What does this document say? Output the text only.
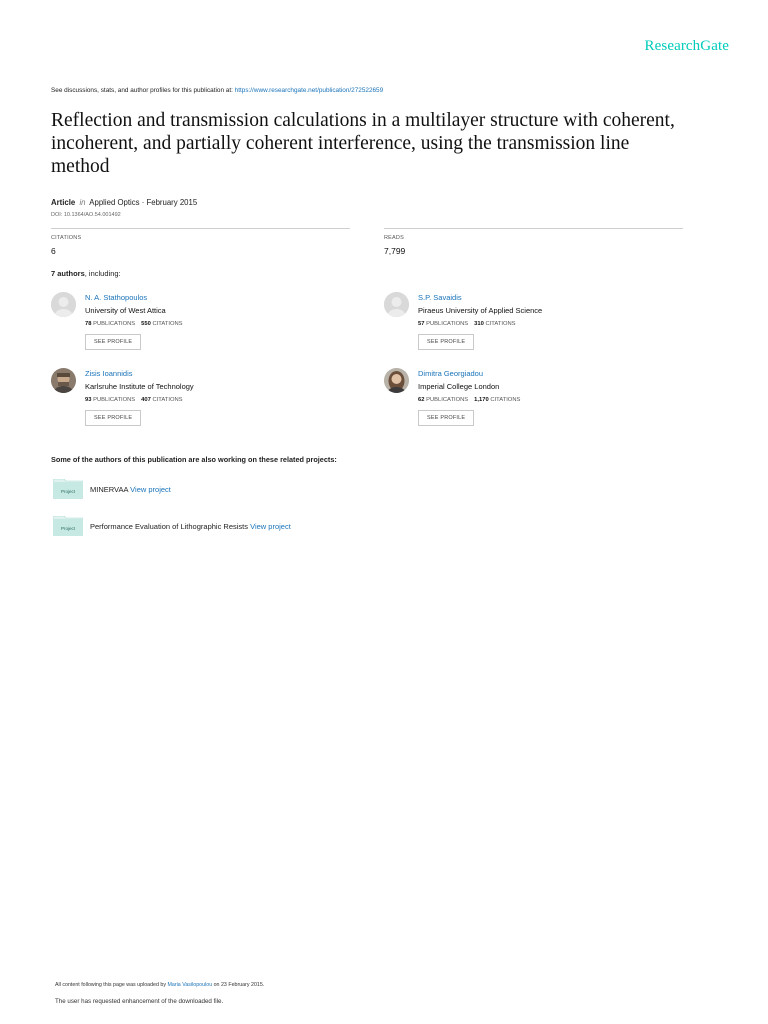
ResearchGate
See discussions, stats, and author profiles for this publication at: https://www.researchgate.net/publication/272522659
Reflection and transmission calculations in a multilayer structure with coherent, incoherent, and partially coherent interference, using the transmission line method
Article in Applied Optics · February 2015
DOI: 10.1364/AO.54.001492
CITATIONS
6
READS
7,799
7 authors, including:
N. A. Stathopoulos
University of West Attica
78 PUBLICATIONS 550 CITATIONS
SEE PROFILE
S.P. Savaidis
Piraeus University of Applied Science
57 PUBLICATIONS 310 CITATIONS
SEE PROFILE
Zisis Ioannidis
Karlsruhe Institute of Technology
93 PUBLICATIONS 407 CITATIONS
SEE PROFILE
Dimitra Georgiadou
Imperial College London
62 PUBLICATIONS 1,170 CITATIONS
SEE PROFILE
Some of the authors of this publication are also working on these related projects:
Project MINERVAA View project
Project Performance Evaluation of Lithographic Resists View project
All content following this page was uploaded by Maria Vasilopoulou on 23 February 2015.
The user has requested enhancement of the downloaded file.
